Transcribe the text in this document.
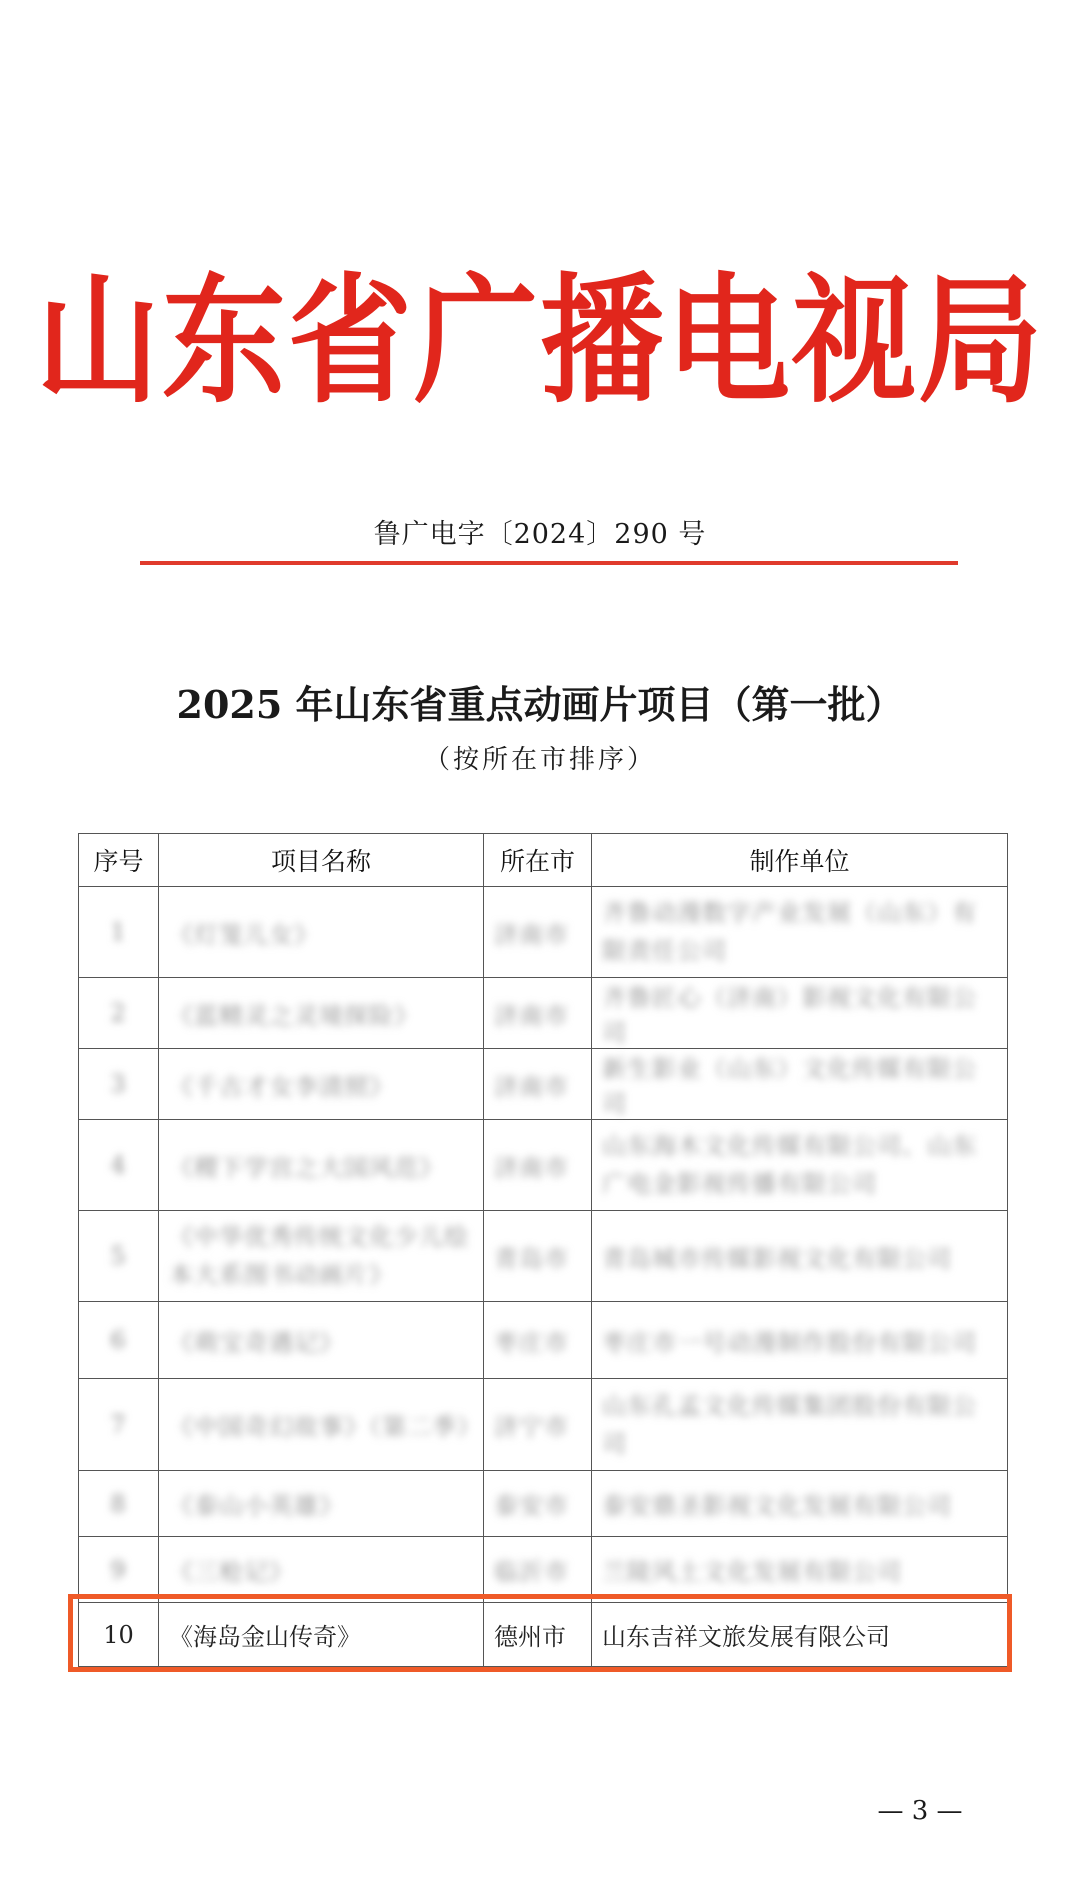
山东省广播电视局
鲁广电字〔2024〕290 号
2025 年山东省重点动画片项目（第一批）
（按所在市排序）
序号	项目名称	所在市	制作单位
1	《灯笼儿女》	济南市	齐鲁动漫数字产业发展（山东）有限责任公司
2	《蓝精灵之灵境探险》	济南市	齐鲁匠心（济南）影视文化有限公司
3	《千古才女李清照》	济南市	新生影业（山东）文化传媒有限公司
4	《稷下学宫之大国风范》	济南市	山东海木文化传媒有限公司、山东广电金影视传播有限公司
5	《中华优秀传统文化少儿绘本大系图书动画片》	青岛市	青岛城市传媒影视文化有限公司
6	《萌宝奇遇记》	枣庄市	枣庄市一号动漫制作股份有限公司
7	《中国奇幻故事》（第二季）	济宁市	山东孔孟文化传媒集团股份有限公司
8	《泰山小英雄》	泰安市	泰安鼎圣影视文化发展有限公司
9	《三枪记》	临沂市	兰陵风土文化发展有限公司
10	《海岛金山传奇》	德州市	山东吉祥文旅发展有限公司
— 3 —
